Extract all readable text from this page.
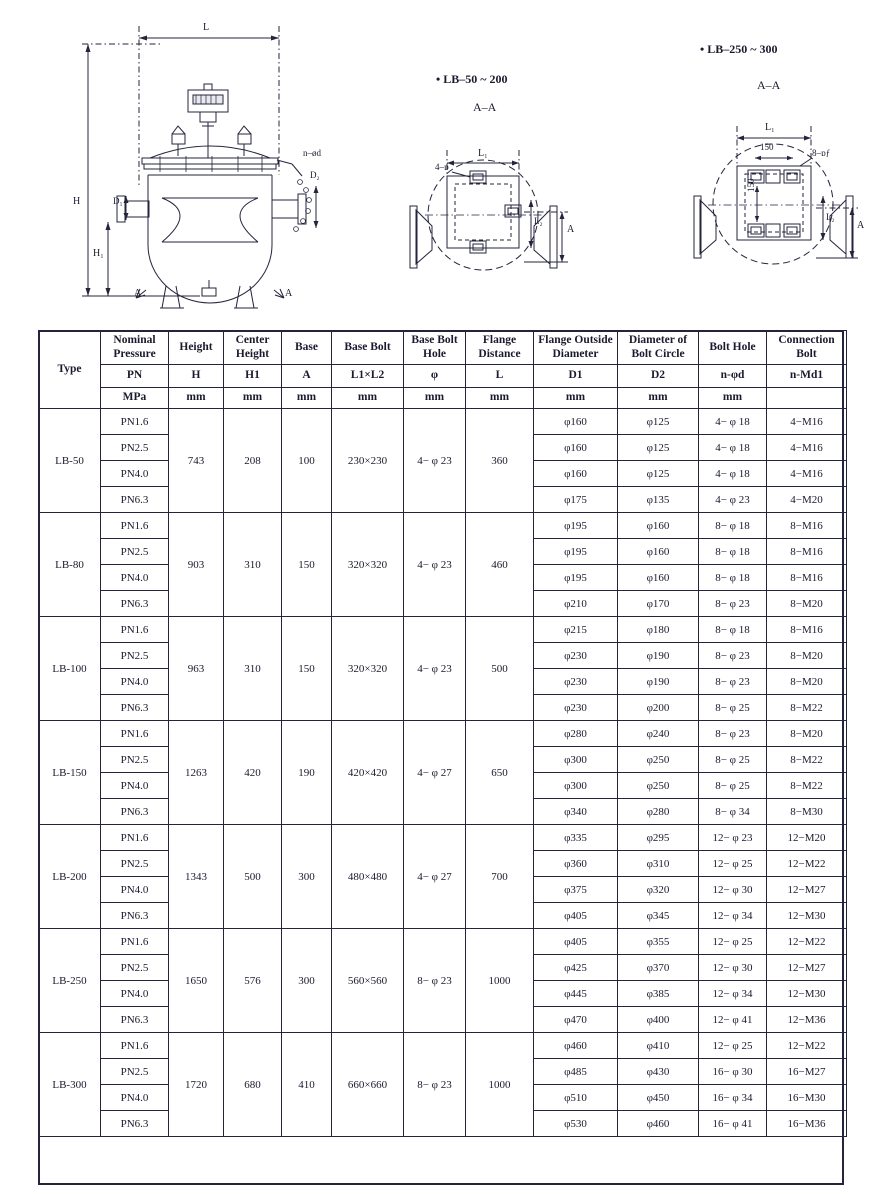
• LB–50 ~ 200
A–A
• LB–250 ~ 300
A–A
L
H
H₁
D₁
D₂
n–ød
A	A
L₁
4–ɒ
L₂
A
L₁
150
8–ɒƒ
150
L₂
A
Type	Nominal Pressure	Height	Center Height	Base	Base Bolt	Base Bolt Hole	Flange Distance	Flange Outside Diameter	Diameter of Bolt Circle	Bolt Hole	Connection Bolt
	PN	H	H1	A	L1×L2	φ	L	D1	D2	n-φd	n-Md1
	MPa	mm	mm	mm	mm	mm	mm	mm	mm	mm	
LB-50	PN1.6	743	208	100	230×230	4− φ 23	360	φ160	φ125	4− φ 18	4−M16
	PN2.5							φ160	φ125	4− φ 18	4−M16
	PN4.0							φ160	φ125	4− φ 18	4−M16
	PN6.3							φ175	φ135	4− φ 23	4−M20
LB-80	PN1.6	903	310	150	320×320	4− φ 23	460	φ195	φ160	8− φ 18	8−M16
	PN2.5							φ195	φ160	8− φ 18	8−M16
	PN4.0							φ195	φ160	8− φ 18	8−M16
	PN6.3							φ210	φ170	8− φ 23	8−M20
LB-100	PN1.6	963	310	150	320×320	4− φ 23	500	φ215	φ180	8− φ 18	8−M16
	PN2.5							φ230	φ190	8− φ 23	8−M20
	PN4.0							φ230	φ190	8− φ 23	8−M20
	PN6.3							φ230	φ200	8− φ 25	8−M22
LB-150	PN1.6	1263	420	190	420×420	4− φ 27	650	φ280	φ240	8− φ 23	8−M20
	PN2.5							φ300	φ250	8− φ 25	8−M22
	PN4.0							φ300	φ250	8− φ 25	8−M22
	PN6.3							φ340	φ280	8− φ 34	8−M30
LB-200	PN1.6	1343	500	300	480×480	4− φ 27	700	φ335	φ295	12− φ 23	12−M20
	PN2.5							φ360	φ310	12− φ 25	12−M22
	PN4.0							φ375	φ320	12− φ 30	12−M27
	PN6.3							φ405	φ345	12− φ 34	12−M30
LB-250	PN1.6	1650	576	300	560×560	8− φ 23	1000	φ405	φ355	12− φ 25	12−M22
	PN2.5							φ425	φ370	12− φ 30	12−M27
	PN4.0							φ445	φ385	12− φ 34	12−M30
	PN6.3							φ470	φ400	12− φ 41	12−M36
LB-300	PN1.6	1720	680	410	660×660	8− φ 23	1000	φ460	φ410	12− φ 25	12−M22
	PN2.5							φ485	φ430	16− φ 30	16−M27
	PN4.0							φ510	φ450	16− φ 34	16−M30
	PN6.3							φ530	φ460	16− φ 41	16−M36
